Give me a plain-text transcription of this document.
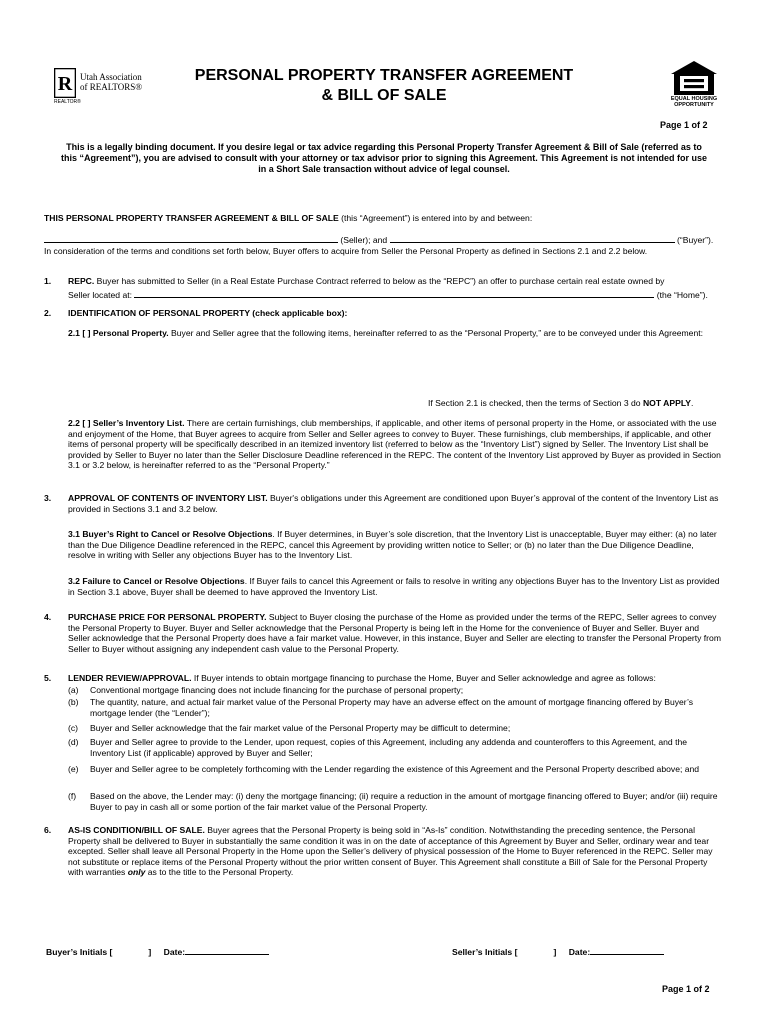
R Utah Association
of REALTORS®
REALTOR®
PERSONAL PROPERTY TRANSFER AGREEMENT
& BILL OF SALE	EQUAL HOUSING
OPPORTUNITY
Page 1 of 2
This is a legally binding document. If you desire legal or tax advice regarding this Personal Property Transfer Agreement & Bill of Sale (referred as to this “Agreement”), you are advised to consult with your attorney or tax advisor prior to signing this Agreement. This Agreement is not intended for use in a Short Sale transaction without advice of legal counsel.
THIS PERSONAL PROPERTY TRANSFER AGREEMENT & BILL OF SALE (this “Agreement”) is entered into by and between:
(Seller); and	(“Buyer”).
In consideration of the terms and conditions set forth below, Buyer offers to acquire from Seller the Personal Property as defined in Sections 2.1 and 2.2 below.
1. REPC. Buyer has submitted to Seller (in a Real Estate Purchase Contract referred to below as the “REPC”) an offer to purchase certain real estate owned by
Seller located at:	(the “Home”).
2. IDENTIFICATION OF PERSONAL PROPERTY (check applicable box):
2.1 [ ] Personal Property. Buyer and Seller agree that the following items, hereinafter referred to as the “Personal Property,” are to be conveyed under this Agreement:
If Section 2.1 is checked, then the terms of Section 3 do NOT APPLY.
2.2 [ ] Seller’s Inventory List. There are certain furnishings, club memberships, if applicable, and other items of personal property in the Home, or associated with the use and enjoyment of the Home, that Buyer agrees to acquire from Seller and Seller agrees to convey to Buyer. These furnishings, club memberships, if applicable, and other items of personal property will be specifically described in an itemized inventory list (referred to below as the “Inventory List”) signed by Seller. The Inventory List shall be provided by Seller to Buyer no later than the Seller Disclosure Deadline referenced in the REPC. The content of the Inventory List approved by Buyer as provided in Section 3.1 or 3.2 below, is hereinafter referred to as the “Personal Property.”
3. APPROVAL OF CONTENTS OF INVENTORY LIST. Buyer's obligations under this Agreement are conditioned upon Buyer’s approval of the content of the Inventory List as provided in Sections 3.1 and 3.2 below.
3.1 Buyer’s Right to Cancel or Resolve Objections. If Buyer determines, in Buyer’s sole discretion, that the Inventory List is unacceptable, Buyer may either: (a) no later than the Due Diligence Deadline referenced in the REPC, cancel this Agreement by providing written notice to Seller; or (b) no later than the Due Diligence Deadline, resolve in writing with Seller any objections Buyer has to the Inventory List.
3.2 Failure to Cancel or Resolve Objections. If Buyer fails to cancel this Agreement or fails to resolve in writing any objections Buyer has to the Inventory List as provided in Section 3.1 above, Buyer shall be deemed to have approved the Inventory List.
4. PURCHASE PRICE FOR PERSONAL PROPERTY. Subject to Buyer closing the purchase of the Home as provided under the terms of the REPC, Seller agrees to convey the Personal Property to Buyer. Buyer and Seller acknowledge that the Personal Property is being left in the Home for the convenience of Buyer and Seller. Buyer and Seller acknowledge that the Personal Property does have a fair market value. However, in this instance, Buyer and Seller are electing to transfer the Personal Property from Seller to Buyer without assigning any independent cash value to the Personal Property.
5. LENDER REVIEW/APPROVAL. If Buyer intends to obtain mortgage financing to purchase the Home, Buyer and Seller acknowledge and agree as follows:
(a) Conventional mortgage financing does not include financing for the purchase of personal property;
(b) The quantity, nature, and actual fair market value of the Personal Property may have an adverse effect on the amount of mortgage financing offered by Buyer’s mortgage lender (the “Lender”);
(c) Buyer and Seller acknowledge that the fair market value of the Personal Property may be difficult to determine;
(d) Buyer and Seller agree to provide to the Lender, upon request, copies of this Agreement, including any addenda and counteroffers to this Agreement, and the Inventory List (if applicable) approved by Buyer and Seller;
(e) Buyer and Seller agree to be completely forthcoming with the Lender regarding the existence of this Agreement and the Personal Property described above; and
(f) Based on the above, the Lender may: (i) deny the mortgage financing; (ii) require a reduction in the amount of mortgage financing offered to Buyer; and/or (iii) require Buyer to pay in cash all or some portion of the fair market value of the Personal Property.
6. AS-IS CONDITION/BILL OF SALE. Buyer agrees that the Personal Property is being sold in “As-Is” condition. Notwithstanding the preceding sentence, the Personal Property shall be delivered to Buyer in substantially the same condition it was in on the date of acceptance of this Agreement by Buyer and Seller, ordinary wear and tear excepted. Seller shall leave all Personal Property in the Home upon the Seller’s delivery of physical possession of the Home to Buyer referenced in the REPC. Seller may not substitute or replace items of the Personal Property without the prior written consent of Buyer. This Agreement shall constitute a Bill of Sale for the Personal Property with warranties only as to the title to the Personal Property.
Buyer’s Initials [	] Date:	Seller’s Initials [	] Date:
Page 1 of 2
